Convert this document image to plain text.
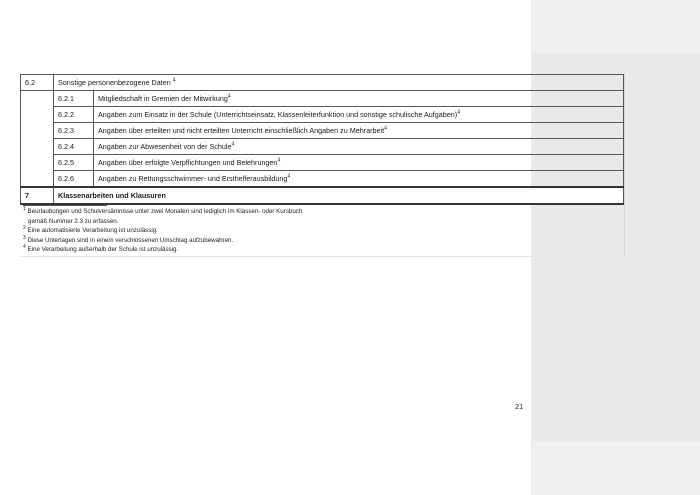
6.2	Sonstige personenbezogene Daten $^4$
	6.2.1	Mitgliedschaft in Gremien der Mitwirkung$^4$
	6.2.2	Angaben zum Einsatz in der Schule (Unterrichtseinsatz, Klassenleiterfunktion und sonstige schulische Aufgaben)$^4$
	6.2.3	Angaben über erteilten und nicht erteilten Unterricht einschließlich Angaben zu Mehrarbeit$^4$
	6.2.4	Angaben zur Abwesenheit von der Schule$^4$
	6.2.5	Angaben über erfolgte Verpflichtungen und Belehrungen$^4$
	6.2.6	Angaben zu Rettungsschwimmer- und Ersthelferausbildung$^4$
7	Klassenarbeiten und Klausuren	

$^1$ Beurlaubungen und Schulversämnisse unter zwei Monaten sind lediglich im Klassen- oder Kursbuch

gemäß Nummer 2.3 zu erfassen.

$^2$ Eine automatisierte Verarbeitung ist unzulässig.

$^3$ Diese Unterlagen sind in einem verschlossenen Umschlag aufzubewahren.

$^4$ Eine Verarbeitung außerhalb der Schule ist unzulässig.

21
